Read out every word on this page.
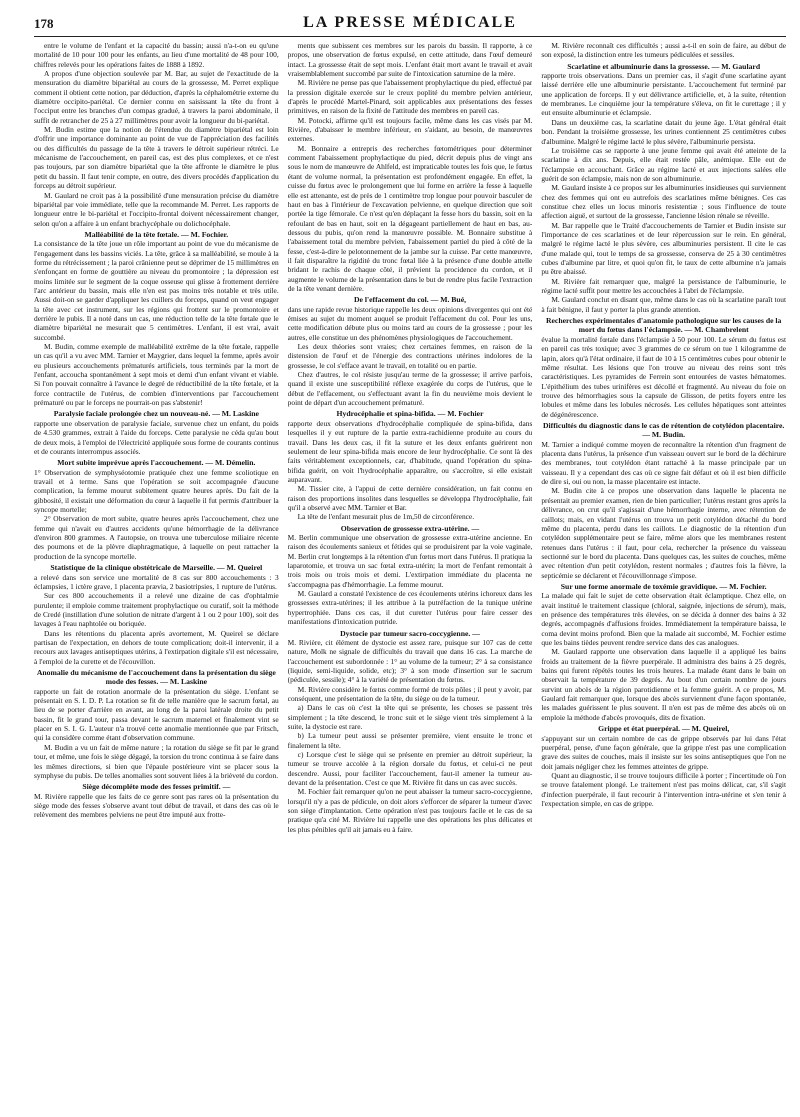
178	LA PRESSE MÉDICALE

entre le volume de l'enfant et la capacité du bassin; aussi n'a-t-on eu qu'une mortalité de 10 pour 100 pour les enfants, au lieu d'une mortalité de 48 pour 100, chiffres relevés pour les opérations faites de 1888 à 1892.

A propos d'une objection soulevée par M. Bar, au sujet de l'exactitude de la mensuration du diamètre bipariétal au cours de la grossesse, M. Perret explique comment il obtient cette notion, par déduction, d'après la céphalométrie externe du diamètre occipito-pariétal. Ce dernier connu en saisissant la tête du front à l'occiput entre les branches d'un compas gradué, à travers la paroi abdominale, il suffit de retrancher de 25 à 27 millimètres pour avoir la longueur du bi-pariétal.

M. Budin estime que la notion de l'étendue du diamètre bipariétal est loin d'offrir une importance dominante au point de vue de l'appréciation des facilités ou des difficultés du passage de la tête à travers le détroit supérieur rétréci. Le mécanisme de l'accouchement, en pareil cas, est des plus complexes, et ce n'est pas toujours, par son diamètre bipariétal que la tête affronte le diamètre le plus petit du bassin. Il faut tenir compte, en outre, des divers procédés d'application du forceps au détroit supérieur.

M. Gaulard ne croit pas à la possibilité d'une mensuration précise du diamètre bipariétal par voie immédiate, telle que la recommande M. Perret. Les rapports de longueur entre le bi-pariétal et l'occipito-frontal doivent nécessairement changer, selon qu'on a affaire à un enfant brachycéphale ou dolichocéphale.

Malléabilité de la tête fœtale. — M. Fochier.

La consistance de la tête joue un rôle important au point de vue du mécanisme de l'engagement dans les bassins viciés. La tête, grâce à sa malléabilité, se moule à la forme du rétrécissement ; la paroi crânienne peut se déprimer de 15 millimètres en s'enfonçant en forme de gouttière au niveau du promontoire ; la dépression est moins limitée sur le segment de la coque osseuse qui glisse à frottement derrière l'arc antérieur du bassin, mais elle n'en est pas moins très notable et très utile. Aussi doit-on se garder d'appliquer les cuillers du forceps, quand on veut engager la tête avec cet instrument, sur les régions qui frottent sur le promontoire et derrière le pubis. Il a noté dans un cas, une réduction telle de la tête fœtale que le diamètre bipariétal ne mesurait que 5 centimètres. L'enfant, il est vrai, avait succombé.

M. Budin, comme exemple de malléabilité extrême de la tête fœtale, rappelle un cas qu'il a vu avec MM. Tarnier et Maygrier, dans lequel la femme, après avoir eu plusieurs accouchements prématurés artificiels, tous terminés par la mort de l'enfant, accoucha spontanément à sept mois et demi d'un enfant vivant et viable. Si l'on pouvait connaître à l'avance le degré de réductibilité de la tête fœtale, et la force contractile de l'utérus, de combien d'interventions par l'accouchement prématuré ou par le forceps ne pourrait-on pas s'abstenir!

Paralysie faciale prolongée chez un nouveau-né. — M. Laskine

rapporte une observation de paralysie faciale, survenue chez un enfant, du poids de 4.530 grammes, extrait à l'aide du forceps. Cette paralysie ne céda qu'au bout de deux mois, à l'emploi de l'électricité appliquée sous forme de courants continus et de courants interrompus associés.

Mort subite imprévue après l'accouchement. — M. Démelin.

1° Observation de symphyséotomie pratiquée chez une femme scoliotique en travail et à terme. Sans que l'opération se soit accompagnée d'aucune complication, la femme mourut subitement quatre heures après. Du fait de la gibbosité, il existait une déformation du cœur à laquelle il fut permis d'attribuer la syncope mortelle;

2° Observation de mort subite, quatre heures après l'accouchement, chez une femme qui n'avait eu d'autres accidents qu'une hémorrhagie de la délivrance d'environ 800 grammes. A l'autopsie, on trouva une tuberculose miliaire récente des poumons et de la plèvre diaphragmatique, à laquelle on peut rattacher la production de la syncope mortelle.

Statistique de la clinique obstétricale de Marseille. — M. Queirel

a relevé dans son service une mortalité de 8 cas sur 800 accouchements : 3 éclampsies, 1 ictère grave, 1 placenta prævia, 2 basiotripsies, 1 rupture de l'utérus.

Sur ces 800 accouchements il a relevé une dizaine de cas d'ophtalmie purulente; il emploie comme traitement prophylactique ou curatif, soit la méthode de Credé (instillation d'une solution de nitrate d'argent à 1 ou 2 pour 100), soit des lavages à l'eau naphtolée ou boriquée.

Dans les rétentions du placenta après avortement, M. Queirel se déclare partisan de l'expectation, en dehors de toute complication; doit-il intervenir, il a recours aux lavages antiseptiques utérins, à l'extirpation digitale s'il est nécessaire, à l'emploi de la curette et de l'écouvillon.

Anomalie du mécanisme de l'accouchement dans la présentation du siège mode des fesses. — M. Laskine

rapporte un fait de rotation anormale de la présentation du siège. L'enfant se présentait en S. I. D. P. La rotation se fit de telle manière que le sacrum fœtal, au lieu de se porter d'arrière en avant, au long de la paroi latérale droite du petit bassin, fit le grand tour, passa devant le sacrum maternel et finalement vint se placer en S. I. G. L'auteur n'a trouvé cette anomalie mentionnée que par Fritsch, qui la considère comme étant d'observation commune.

M. Budin a vu un fait de même nature ; la rotation du siège se fit par le grand tour, et même, une fois le siège dégagé, la torsion du tronc continua à se faire dans les mêmes directions, si bien que l'épaule postérieure vint se placer sous la symphyse du pubis. De telles anomalies sont souvent liées à la brièveté du cordon.

Siège décompléte mode des fesses primitif. —

M. Rivière rappelle que les faits de ce genre sont pas rares où la présentation du siège mode des fesses s'observe avant tout début de travail, et dans des cas où le relèvement des membres pelviens ne peut être imputé aux frotte-

ments que subissent ces membres sur les parois du bassin. Il rapporte, à ce propos, une observation de fœtus expulsé, en cette attitude, dans l'œuf demeuré intact. La grossesse était de sept mois. L'enfant était mort avant le travail et avait vraisemblablement succombé par suite de l'intoxication saturnine de la mère.

M. Rivière ne pense pas que l'abaissement prophylactique du pied, effectué par la pression digitale exercée sur le creux poplité du membre pelvien antérieur, d'après le procédé Martel-Pinard, soit applicables aux présentations des fesses primitives, en raison de la fixité de l'attitude des membres en pareil cas.

M. Potocki, affirme qu'il est toujours facile, même dans les cas visés par M. Rivière, d'abaisser le membre inférieur, en s'aidant, au besoin, de manœuvres externes.

M. Bonnaire a entrepris des recherches fœtométriques pour déterminer comment l'abaissement prophylactique du pied, décrit depuis plus de vingt ans sous le nom de manœuvre de Ahlfeld, est impraticable toutes les fois que, le fœtus étant de volume normal, la présentation est profondément engagée. En effet, la cuisse du fœtus avec le prolongement que lui forme en arrière la fesse à laquelle elle est attenante, est de près de 1 centimètre trop longue pour pouvoir basculer de haut en bas à l'intérieur de l'excavation pelvienne, en quelque direction que soit portée la tige fémorale. Ce n'est qu'en déplaçant la fesse hors du bassin, soit en la refoulant de bas en haut, soit en la dégageant partiellement de haut en bas, au-dessous du pubis, qu'on rend la manœuvre possible. M. Bonnaire substitue à l'abaissement total du membre pelvien, l'abaissement partiel du pied à côté de la fesse, c'est-à-dire le pelotonnement de la jambe sur la cuisse. Par cette manœuvre, il fait disparaître la rigidité du tronc fœtal liée à la présence d'une double attelle bridant le rachis de chaque côté, il prévient la procidence du cordon, et il augmente le volume de la présentation dans le but de rendre plus facile l'extraction de la tête venant dernière.

De l'effacement du col. — M. Bué,

dans une rapide revue historique rappelle les deux opinions divergentes qui ont été émises au sujet du moment auquel se produit l'effacement du col. Pour les uns, cette modification débute plus ou moins tard au cours de la grossesse ; pour les autres, elle constitue un des phénomènes physiologiques de l'accouchement.

Les deux théories sont vraies; chez certaines femmes, en raison de la distension de l'œuf et de l'énergie des contractions utérines indolores de la grossesse, le col s'efface avant le travail, en totalité ou en partie.

Chez d'autres, le col résiste jusqu'au terme de la grossesse; il arrive parfois, quand il existe une susceptibilité réflexe exagérée du corps de l'utérus, que le début de l'effacement, ou s'effectuant avant la fin du neuvième mois devient le point de départ d'un accouchement prématuré.

Hydrocéphalie et spina-bifida. — M. Fochier

rapporte deux observations d'hydrocéphalie compliquée de spina-bifida, dans lesquelles il y eut rupture de la partie extra-rachidienne produite au cours du travail. Dans les deux cas, il fit la suture et les deux enfants guérirent non seulement de leur spina-bifida mais encore de leur hydrocéphalie. Ce sont là des faits véritablement exceptionnels, car, d'habitude, quand l'opération du spina-bifida guérit, on voit l'hydrocéphalie apparaître, ou s'accroître, si elle existait auparavant.

M. Tissier cite, à l'appui de cette dernière considération, un fait connu en raison des proportions insolites dans lesquelles se développa l'hydrocéphalie, fait qu'il a observé avec MM. Tarnier et Bar.

La tête de l'enfant mesurait plus de 1m,50 de circonférence.

Observation de grossesse extra-utérine. —

M. Berlin communique une observation de grossesse extra-utérine ancienne. En raison des écoulements sanieux et fétides qui se produisirent par la voie vaginale, M. Berlin crut longtemps à la rétention d'un fœtus mort dans l'utérus. Il pratiqua la laparotomie, et trouva un sac fœtal extra-utérin; la mort de l'enfant remontait à trois mois ou trois mois et demi. L'extirpation immédiate du placenta ne s'accompagna pas d'hémorrhagie. La femme mourut.

M. Gaulard a constaté l'existence de ces écoulements utérins ichoreux dans les grossesses extra-utérines; il les attribue à la putréfaction de la tunique utérine hypertrophiée. Dans ces cas, il dut curetter l'utérus pour faire cesser des manifestations d'intoxication putride.

Dystocie par tumeur sacro-coccygienne. —

M. Rivière, cit élément de dystocie est assez rare, puisque sur 107 cas de cette nature, Molk ne signale de difficultés du travail que dans 16 cas. La marche de l'accouchement est subordonnée : 1° au volume de la tumeur; 2° à sa consistance (liquide, semi-liquide, solide, etc); 3° à son mode d'insertion sur le sacrum (pédiculée, sessile); 4° à la variété de présentation du fœtus.

M. Rivière considère le fœtus comme formé de trois pôles ; il peut y avoir, par conséquent, une présentation de la tête, du siège ou de la tumeur.

a) Dans le cas où c'est la tête qui se présente, les choses se passent très simplement ; la tête descend, le tronc suit et le siège vient très simplement à la suite, la dystocie est rare.

b) La tumeur peut aussi se présenter première, vient ensuite le tronc et finalement la tête.

c) Lorsque c'est le siège qui se présente en premier au détroit supérieur, la tumeur se trouve accolée à la région dorsale du fœtus, et celui-ci ne peut descendre. Aussi, pour faciliter l'accouchement, faut-il amener la tumeur au-devant de la présentation. C'est ce que M. Rivière fit dans un cas avec succès.

M. Fochier fait remarquer qu'on ne peut abaisser la tumeur sacro-coccygienne, lorsqu'il n'y a pas de pédicule, on doit alors s'efforcer de séparer la tumeur d'avec son siège d'implantation. Cette opération n'est pas toujours facile et le cas de sa pratique qu'a cité M. Rivière lui rappelle une des opérations les plus délicates et les plus pénibles qu'il ait jamais eu à faire.

M. Rivière reconnaît ces difficultés ; aussi a-t-il en soin de faire, au début de son exposé, la distinction entre les tumeurs pédiculées et sessiles.

Scarlatine et albuminurie dans la grossesse. — M. Gaulard

rapporte trois observations. Dans un premier cas, il s'agit d'une scarlatine ayant laissé derrière elle une albuminurie persistante. L'accouchement fut terminé par une application de forceps. Il y eut délivrance artificielle, et, à la suite, rétention de membranes. Le cinquième jour la température s'éleva, on fit le curettage ; il y eut ensuite albuminurie et éclampsie.

Dans un deuxième cas, la scarlatine datait du jeune âge. L'état général était bon. Pendant la troisième grossesse, les urines contiennent 25 centimètres cubes d'albumine. Malgré le régime lacté le plus sévère, l'albuminurie persista.

Le troisième cas se rapporte à une jeune femme qui avait été atteinte de la scarlatine à dix ans. Depuis, elle était restée pâle, anémique. Elle eut de l'éclampsie en accouchant. Grâce au régime lacté et aux injections salées elle guérit de son éclampsie, mais non de son albuminurie.

M. Gaulard insiste à ce propos sur les albuminuries insidieuses qui surviennent chez des femmes qui ont eu autrefois des scarlatines même bénignes. Ces cas constitue chez elles un locus minoris resistentiæ ; sous l'influence de toute affection aiguë, et surtout de la grossesse, l'ancienne lésion rénale se réveille.

M. Bar rappelle que le Traité d'accouchements de Tarnier et Budin insiste sur l'importance de ces scarlatines et de leur répercussion sur le rein. En général, malgré le régime lacté le plus sévère, ces albuminuries persistent. Il cite le cas d'une malade qui, tout le temps de sa grossesse, conserva de 25 à 30 centimètres cubes d'albumine par litre, et quoi qu'on fit, le taux de cette albumine n'a jamais pu être abaissé.

M. Rivière fait remarquer que, malgré la persistance de l'albuminurie, le régime lacté suffit pour mettre les accouchées à l'abri de l'éclampsie.

M. Gaulard conclut en disant que, même dans le cas où la scarlatine paraît tout à fait bénigne, il faut y porter la plus grande attention.

Recherches expérimentales d'anatomie pathologique sur les causes de la mort du fœtus dans l'éclampsie. — M. Chambrelent

évalue la mortalité fœtale dans l'éclampsie à 50 pour 100. Le sérum du fœtus est en pareil cas très toxique; avec 3 grammes de ce sérum on tue 1 kilogramme de lapin, alors qu'à l'état ordinaire, il faut de 10 à 15 centimètres cubes pour obtenir le même résultat. Les lésions que l'on trouve au niveau des reins sont très caractéristiques. Les pyramides de Ferrein sont entourées de vastes hématomes. L'épithélium des tubes urinifères est décollé et fragmenté. Au niveau du foie on trouve des hémorrhagies sous la capsule de Glisson, de petits foyers entre les lobules et même dans les lobules nécrosés. Les cellules hépatiques sont atteintes de dégénérescence.

Difficultés du diagnostic dans le cas de rétention de cotylédon placentaire. — M. Budin.

M. Tarnier a indiqué comme moyen de reconnaître la rétention d'un fragment de placenta dans l'utérus, la présence d'un vaisseau ouvert sur le bord de la déchirure des membranes, tout cotylédon étant rattaché à la masse principale par un vaisseau. Il y a cependant des cas où ce signe fait défaut et où il est bien difficile de dire si, oui ou non, la masse placentaire est intacte.

M. Budin cite à ce propos une observation dans laquelle le placenta ne présentait au premier examen, rien de bien particulier; l'utérus restant gros après la délivrance, on crut qu'il s'agissait d'une hémorrhagie interne, avec rétention de caillots; mais, en vidant l'utérus on trouva un petit cotylédon détaché du bord même du placenta, perdu dans les caillots. Le diagnostic de la rétention d'un cotylédon supplémentaire peut se faire, même alors que les membranes restent retenues dans l'utérus : il faut, pour cela, rechercher la présence du vaisseau sectionné sur le bord du placenta. Dans quelques cas, les suites de couches, même avec rétention d'un petit cotylédon, restent normales ; d'autres fois la fièvre, la septicémie se déclarent et l'écouvillonnage s'impose.

Sur une forme anormale de toxémie gravidique. — M. Fochier.

La malade qui fait le sujet de cette observation était éclamptique. Chez elle, on avait institué le traitement classique (chloral, saignée, injections de sérum), mais, en présence des températures très élevées, on se décida à donner des bains à 32 degrés, accompagnés d'affusions froides. Immédiatement la température baissa, le coma devint moins profond. Bien que la malade ait succombé, M. Fochier estime que les bains tièdes peuvent rendre service dans des cas analogues.

M. Gaulard rapporte une observation dans laquelle il a appliqué les bains froids au traitement de la fièvre puerpérale. Il administra des bains à 25 degrés, bains qui furent répétés toutes les trois heures. La malade étant dans le bain on observait la température de 39 degrés. Au bout d'un certain nombre de jours survint un abcès de la région parotidienne et la femme guérit. A ce propos, M. Gaulard fait remarquer que, lorsque des abcès surviennent d'une façon spontanée, les malades guérissent le plus souvent. Il n'en est pas de même des abcès où on emploie la méthode d'abcès provoqués, dits de fixation.

Grippe et état puerpéral. — M. Queirel,

s'appuyant sur un certain nombre de cas de grippe observés par lui dans l'état puerpéral, pense, d'une façon générale, que la grippe n'est pas une complication grave des suites de couches, mais il insiste sur les soins antiseptiques que l'on ne doit jamais négliger chez les femmes atteintes de grippe.

Quant au diagnostic, il se trouve toujours difficile à porter ; l'incertitude où l'on se trouve fatalement plongé. Le traitement n'est pas moins délicat, car, s'il s'agit d'infection puerpérale, il faut recourir à l'intervention intra-utérine et s'en tenir à l'expectation simple, en cas de grippe.
